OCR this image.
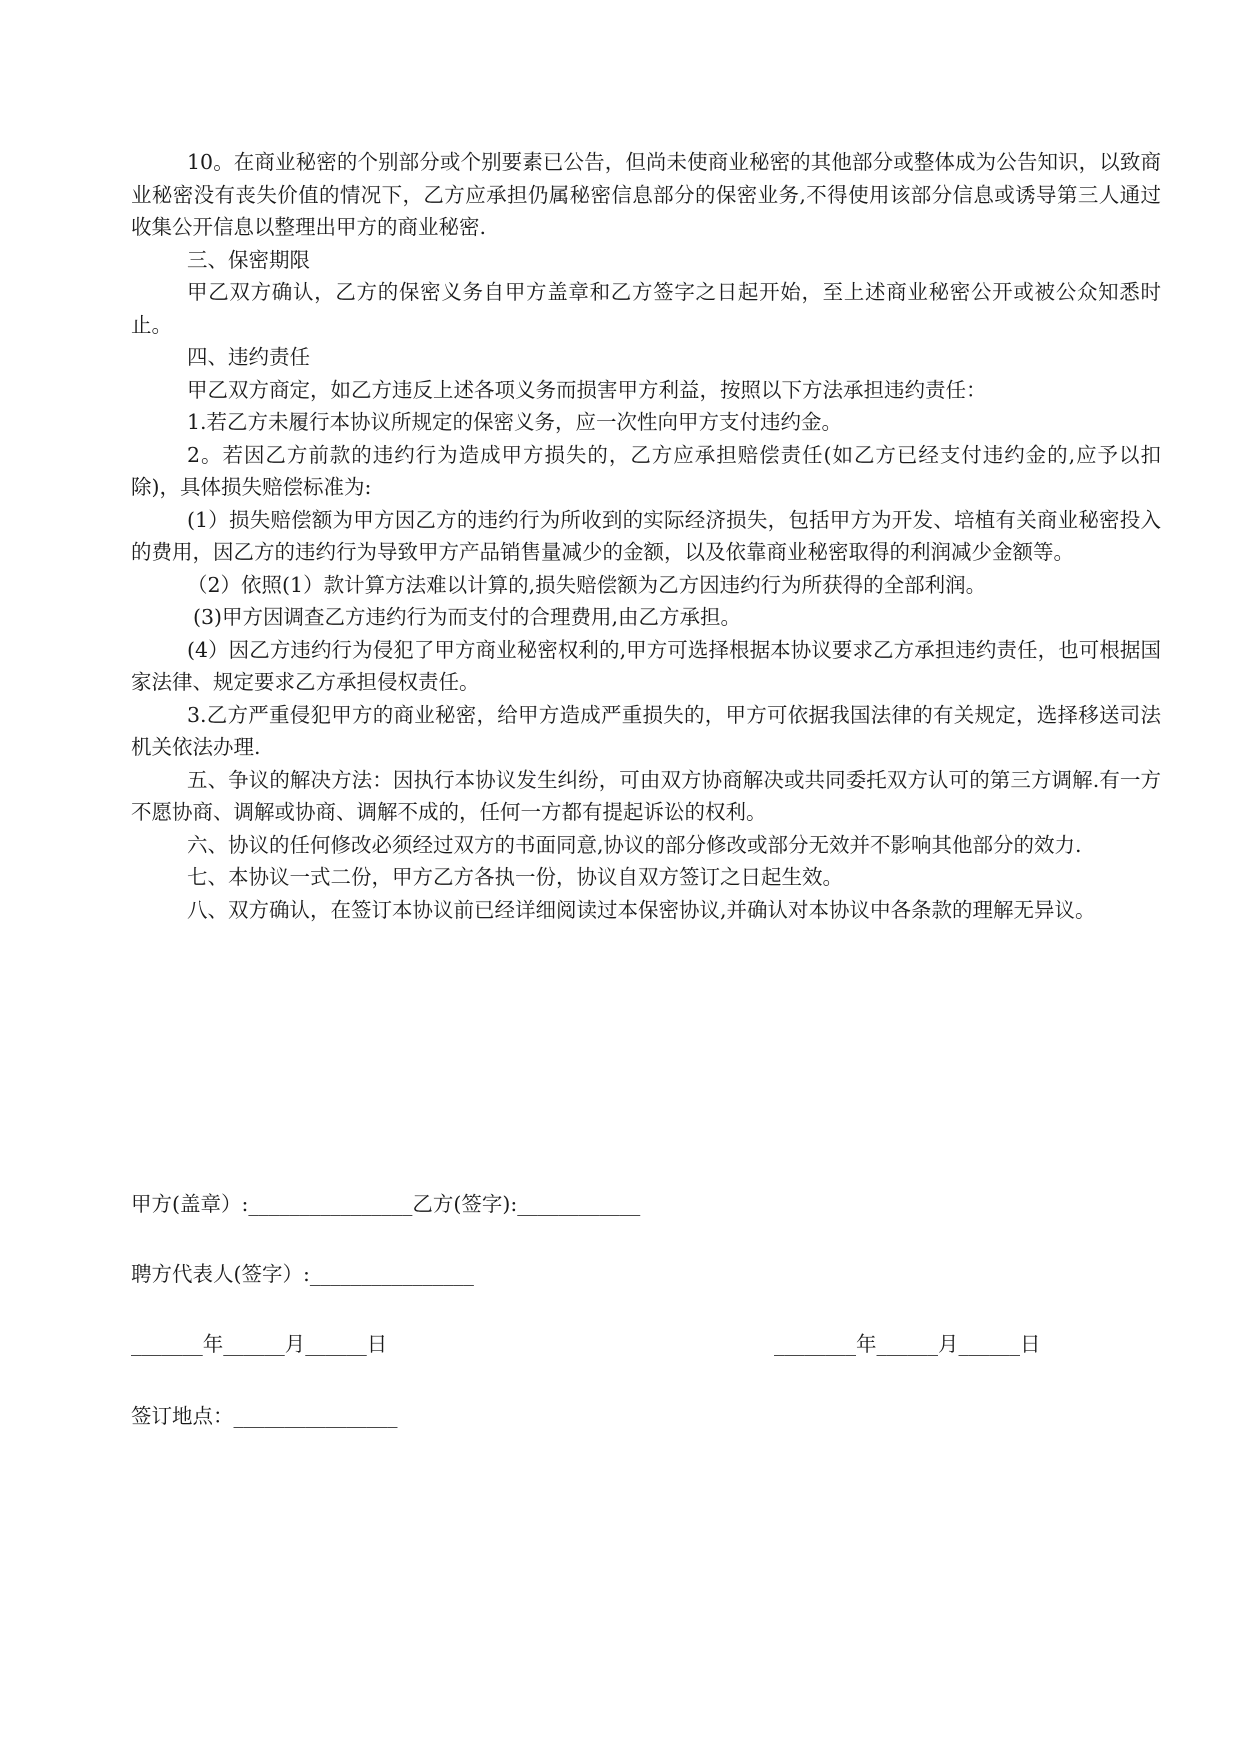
10。在商业秘密的个别部分或个别要素已公告，但尚未使商业秘密的其他部分或整体成为公告知识，以致商业秘密没有丧失价值的情况下，乙方应承担仍属秘密信息部分的保密业务,不得使用该部分信息或诱导第三人通过收集公开信息以整理出甲方的商业秘密.

三、保密期限

甲乙双方确认，乙方的保密义务自甲方盖章和乙方签字之日起开始，至上述商业秘密公开或被公众知悉时止。

四、违约责任

甲乙双方商定，如乙方违反上述各项义务而损害甲方利益，按照以下方法承担违约责任：

1.若乙方未履行本协议所规定的保密义务，应一次性向甲方支付违约金。

2。若因乙方前款的违约行为造成甲方损失的，乙方应承担赔偿责任(如乙方已经支付违约金的,应予以扣除)，具体损失赔偿标准为:

(1）损失赔偿额为甲方因乙方的违约行为所收到的实际经济损失，包括甲方为开发、培植有关商业秘密投入的费用，因乙方的违约行为导致甲方产品销售量减少的金额，以及依靠商业秘密取得的利润减少金额等。

（2）依照(1）款计算方法难以计算的,损失赔偿额为乙方因违约行为所获得的全部利润。

(3)甲方因调查乙方违约行为而支付的合理费用,由乙方承担。

(4）因乙方违约行为侵犯了甲方商业秘密权利的,甲方可选择根据本协议要求乙方承担违约责任，也可根据国家法律、规定要求乙方承担侵权责任。

3.乙方严重侵犯甲方的商业秘密，给甲方造成严重损失的，甲方可依据我国法律的有关规定，选择移送司法机关依法办理.

五、争议的解决方法：因执行本协议发生纠纷，可由双方协商解决或共同委托双方认可的第三方调解.有一方不愿协商、调解或协商、调解不成的，任何一方都有提起诉讼的权利。

六、协议的任何修改必须经过双方的书面同意,协议的部分修改或部分无效并不影响其他部分的效力.

七、本协议一式二份，甲方乙方各执一份，协议自双方签订之日起生效。

八、双方确认，在签订本协议前已经详细阅读过本保密协议,并确认对本协议中各条款的理解无异议。

甲方(盖章）:________________乙方(签字):____________
聘方代表人(签字）:________________
_______年______月______日	________年______月______日
签订地点：________________
